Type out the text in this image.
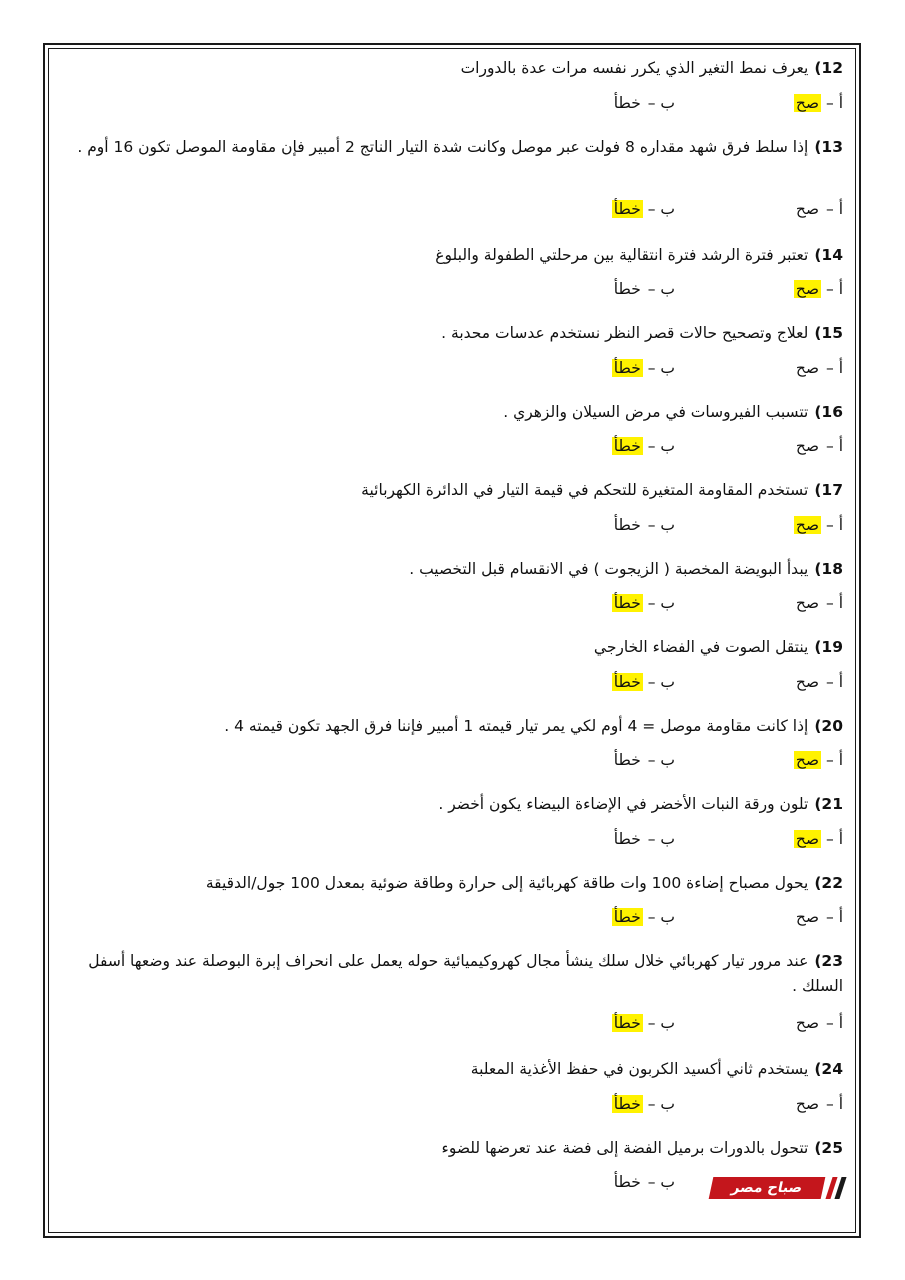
12)يعرف نمط التغير الذي يكرر نفسه مرات عدة بالدورات
أ – صح
ب – خطأ
13)إذا سلط فرق شهد مقداره 8 فولت عبر موصل وكانت شدة التيار الناتج 2 أمبير فإن مقاومة الموصل تكون 16 أوم .
أ – صح
ب – خطأ
14)تعتبر فترة الرشد فترة انتقالية بين مرحلتي الطفولة والبلوغ
أ – صح
ب – خطأ
15)لعلاج وتصحيح حالات قصر النظر نستخدم عدسات محدبة .
أ – صح
ب – خطأ
16)تتسبب الفيروسات في مرض السيلان والزهري .
أ – صح
ب – خطأ
17)تستخدم المقاومة المتغيرة للتحكم في قيمة التيار في الدائرة الكهربائية
أ – صح
ب – خطأ
18)يبدأ البويضة المخصبة ( الزيجوت ) في الانقسام قبل التخصيب .
أ – صح
ب – خطأ
19)ينتقل الصوت في الفضاء الخارجي
أ – صح
ب – خطأ
20)إذا كانت مقاومة موصل = 4 أوم لكي يمر تيار قيمته 1 أمبير فإننا فرق الجهد تكون قيمته 4 .
أ – صح
ب – خطأ
21)تلون ورقة النبات الأخضر في الإضاءة البيضاء يكون أخضر .
أ – صح
ب – خطأ
22)يحول مصباح إضاءة 100 وات طاقة كهربائية إلى حرارة وطاقة ضوئية بمعدل 100 جول/الدقيقة
أ – صح
ب – خطأ
23)عند مرور تيار كهربائي خلال سلك ينشأ مجال كهروكيميائية حوله يعمل على انحراف إبرة البوصلة عند وضعها أسفل السلك .
أ – صح
ب – خطأ
24)يستخدم ثاني أكسيد الكربون في حفظ الأغذية المعلبة
أ – صح
ب – خطأ
25)تتحول بالدورات برميل الفضة إلى فضة عند تعرضها للضوء
ب – خطأ	صباح مصر
